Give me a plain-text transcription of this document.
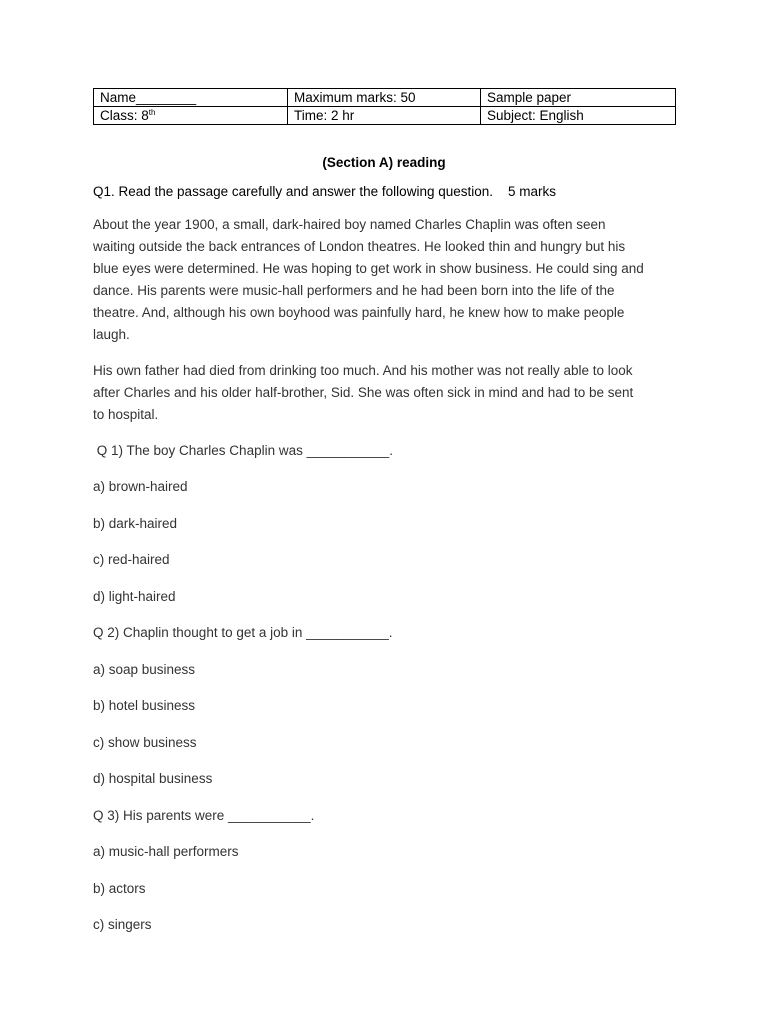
Name________	Maximum marks: 50	Sample paper
Class: 8th	Time: 2 hr	Subject: English
(Section A) reading
Q1. Read the passage carefully and answer the following question.    5 marks
About the year 1900, a small, dark-haired boy named Charles Chaplin was often seen
waiting outside the back entrances of London theatres. He looked thin and hungry but his
blue eyes were determined. He was hoping to get work in show business. He could sing and
dance. His parents were music-hall performers and he had been born into the life of the
theatre. And, although his own boyhood was painfully hard, he knew how to make people
laugh.
His own father had died from drinking too much. And his mother was not really able to look
after Charles and his older half-brother, Sid. She was often sick in mind and had to be sent
to hospital.
Q 1) The boy Charles Chaplin was ___________.
a) brown-haired
b) dark-haired
c) red-haired
d) light-haired
Q 2) Chaplin thought to get a job in ___________.
a) soap business
b) hotel business
c) show business
d) hospital business
Q 3) His parents were ___________.
a) music-hall performers
b) actors
c) singers
